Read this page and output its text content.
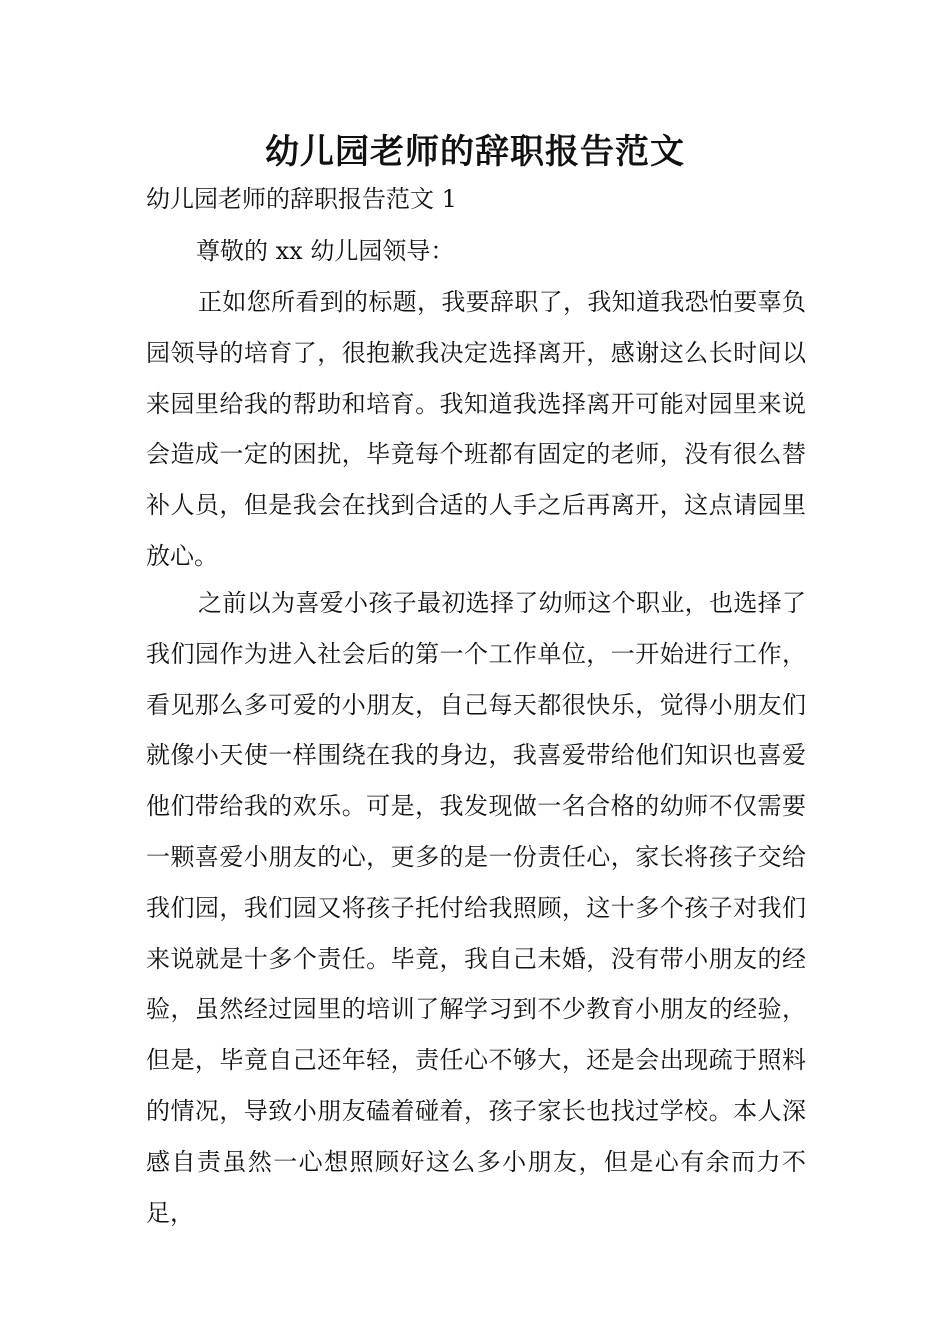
幼儿园老师的辞职报告范文

幼儿园老师的辞职报告范文 1

尊敬的 xx 幼儿园领导：

正如您所看到的标题，我要辞职了，我知道我恐怕要辜负园领导的培育了，很抱歉我决定选择离开，感谢这么长时间以来园里给我的帮助和培育。我知道我选择离开可能对园里来说会造成一定的困扰，毕竟每个班都有固定的老师，没有很么替补人员，但是我会在找到合适的人手之后再离开，这点请园里放心。

之前以为喜爱小孩子最初选择了幼师这个职业，也选择了我们园作为进入社会后的第一个工作单位，一开始进行工作，看见那么多可爱的小朋友，自己每天都很快乐，觉得小朋友们就像小天使一样围绕在我的身边，我喜爱带给他们知识也喜爱他们带给我的欢乐。可是，我发现做一名合格的幼师不仅需要一颗喜爱小朋友的心，更多的是一份责任心，家长将孩子交给我们园，我们园又将孩子托付给我照顾，这十多个孩子对我们来说就是十多个责任。毕竟，我自己未婚，没有带小朋友的经验，虽然经过园里的培训了解学习到不少教育小朋友的经验，但是，毕竟自己还年轻，责任心不够大，还是会出现疏于照料的情况，导致小朋友磕着碰着，孩子家长也找过学校。本人深感自责虽然一心想照顾好这么多小朋友，但是心有余而力不足，
